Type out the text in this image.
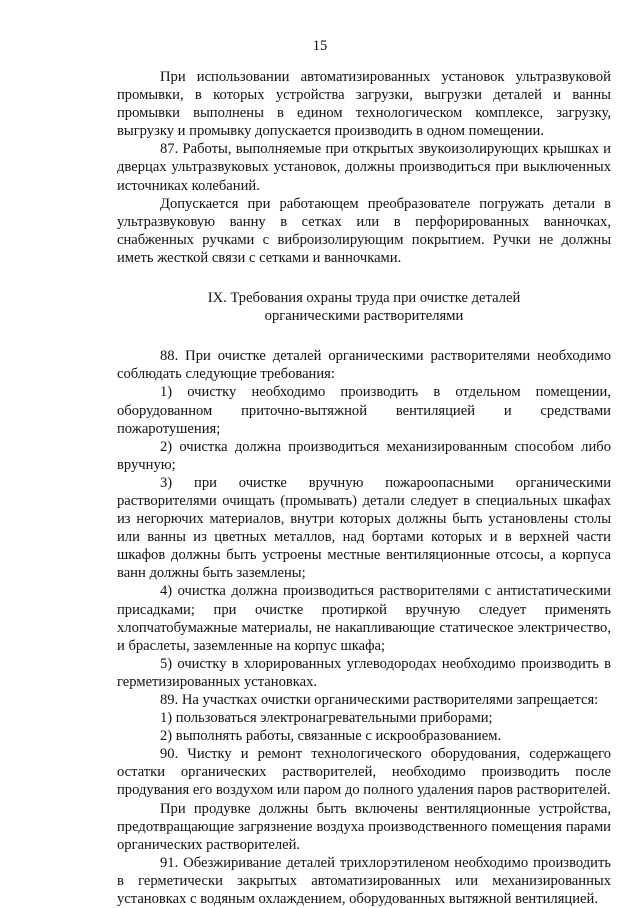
15

При использовании автоматизированных установок ультразвуковой промывки, в которых устройства загрузки, выгрузки деталей и ванны промывки выполнены в едином технологическом комплексе, загрузку, выгрузку и промывку допускается производить в одном помещении.

87. Работы, выполняемые при открытых звукоизолирующих крышках и дверцах ультразвуковых установок, должны производиться при выключенных источниках колебаний.

Допускается при работающем преобразователе погружать детали в ультразвуковую ванну в сетках или в перфорированных ванночках, снабженных ручками с виброизолирующим покрытием. Ручки не должны иметь жесткой связи с сетками и ванночками.

IX. Требования охраны труда при очистке деталей
органическими растворителями

88. При очистке деталей органическими растворителями необходимо соблюдать следующие требования:

1) очистку необходимо производить в отдельном помещении, оборудованном приточно-вытяжной вентиляцией и средствами пожаротушения;

2) очистка должна производиться механизированным способом либо вручную;

3) при очистке вручную пожароопасными органическими растворителями очищать (промывать) детали следует в специальных шкафах из негорючих материалов, внутри которых должны быть установлены столы или ванны из цветных металлов, над бортами которых и в верхней части шкафов должны быть устроены местные вентиляционные отсосы, а корпуса ванн должны быть заземлены;

4) очистка должна производиться растворителями с антистатическими присадками; при очистке протиркой вручную следует применять хлопчатобумажные материалы, не накапливающие статическое электричество, и браслеты, заземленные на корпус шкафа;

5) очистку в хлорированных углеводородах необходимо производить в герметизированных установках.

89. На участках очистки органическими растворителями запрещается:

1) пользоваться электронагревательными приборами;

2) выполнять работы, связанные с искрообразованием.

90. Чистку и ремонт технологического оборудования, содержащего остатки органических растворителей, необходимо производить после продувания его воздухом или паром до полного удаления паров растворителей.

При продувке должны быть включены вентиляционные устройства, предотвращающие загрязнение воздуха производственного помещения парами органических растворителей.

91. Обезжиривание деталей трихлорэтиленом необходимо производить в герметически закрытых автоматизированных или механизированных установках с водяным охлаждением, оборудованных вытяжной вентиляцией.
